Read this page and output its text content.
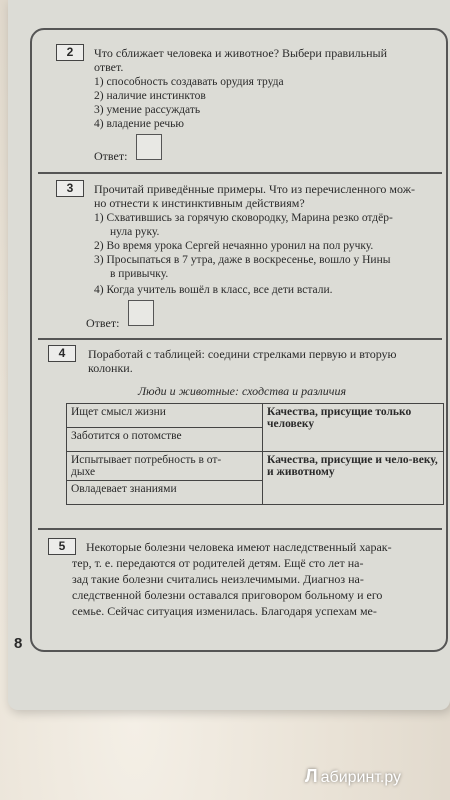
2	Что сближает человека и животное? Выбери правильный
ответ.
1) способность создавать орудия труда
2) наличие инстинктов
3) умение рассуждать
4) владение речью
Ответ:
3	Прочитай приведённые примеры. Что из перечисленного мож-
но отнести к инстинктивным действиям?
1) Схватившись за горячую сковородку, Марина резко отдёр-
нула руку.
2) Во время урока Сергей нечаянно уронил на пол ручку.
3) Просыпаться в 7 утра, даже в воскресенье, вошло у Нины
в привычку.
4) Когда учитель вошёл в класс, все дети встали.
Ответ:
4	Поработай с таблицей: соедини стрелками первую и вторую
колонки.
Люди и животные: сходства и различия
Ищет смысл жизни	Качества, присущие только человеку
Заботится о потомстве	
Испытывает потребность в от-
дыхе	Качества, присущие и чело-веку, и животному
Овладевает знаниями	
5	Некоторые болезни человека имеют наследственный харак-
тер, т. е. передаются от родителей детям. Ещё сто лет на-
зад такие болезни считались неизлечимыми. Диагноз на-
следственной болезни оставался приговором больному и его
семье. Сейчас ситуация изменилась. Благодаря успехам ме-
8
Л абиринт.ру
